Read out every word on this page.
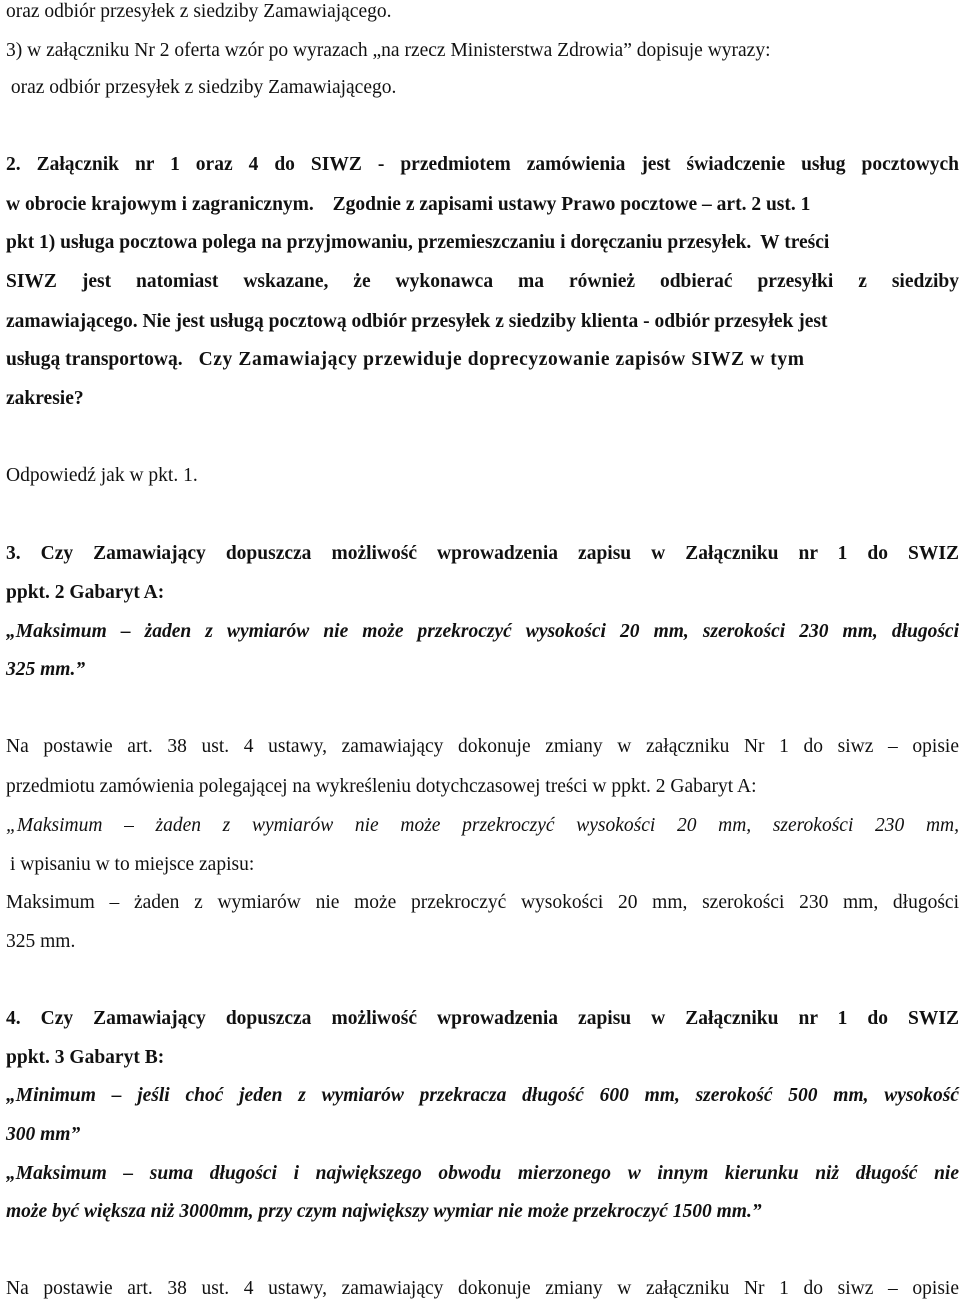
oraz odbiór przesyłek z siedziby Zamawiającego.

3) w załączniku Nr 2 oferta wzór po wyrazach „na rzecz Ministerstwa Zdrowia” dopisuje wyrazy:

oraz odbiór przesyłek z siedziby Zamawiającego.

2. Załącznik nr 1 oraz 4 do SIWZ - przedmiotem zamówienia jest świadczenie usług pocztowych

w obrocie krajowym i zagranicznym. Zgodnie z zapisami ustawy Prawo pocztowe – art. 2 ust. 1

pkt 1) usługa pocztowa polega na przyjmowaniu, przemieszczaniu i doręczaniu przesyłek. W treści

SIWZ jest natomiast wskazane, że wykonawca ma również odbierać przesyłki z siedziby

zamawiającego. Nie jest usługą pocztową odbiór przesyłek z siedziby klienta - odbiór przesyłek jest

usługą transportową. Czy Zamawiający przewiduje doprecyzowanie zapisów SIWZ w tym

zakresie?

Odpowiedź jak w pkt. 1.

3. Czy Zamawiający dopuszcza możliwość wprowadzenia zapisu w Załączniku nr 1 do SWIZ

ppkt. 2 Gabaryt A:

„Maksimum – żaden z wymiarów nie może przekroczyć wysokości 20 mm, szerokości 230 mm, długości

325 mm.”

Na postawie art. 38 ust. 4 ustawy, zamawiający dokonuje zmiany w załączniku Nr 1 do siwz – opisie

przedmiotu zamówienia polegającej na wykreśleniu dotychczasowej treści w ppkt. 2 Gabaryt A:

„Maksimum – żaden z wymiarów nie może przekroczyć wysokości 20 mm, szerokości 230 mm,

i wpisaniu w to miejsce zapisu:

Maksimum – żaden z wymiarów nie może przekroczyć wysokości 20 mm, szerokości 230 mm, długości

325 mm.

4. Czy Zamawiający dopuszcza możliwość wprowadzenia zapisu w Załączniku nr 1 do SWIZ

ppkt. 3 Gabaryt B:

„Minimum – jeśli choć jeden z wymiarów przekracza długość 600 mm, szerokość 500 mm, wysokość

300 mm”

„Maksimum – suma długości i największego obwodu mierzonego w innym kierunku niż długość nie

może być większa niż 3000mm, przy czym największy wymiar nie może przekroczyć 1500 mm.”

Na postawie art. 38 ust. 4 ustawy, zamawiający dokonuje zmiany w załączniku Nr 1 do siwz – opisie
